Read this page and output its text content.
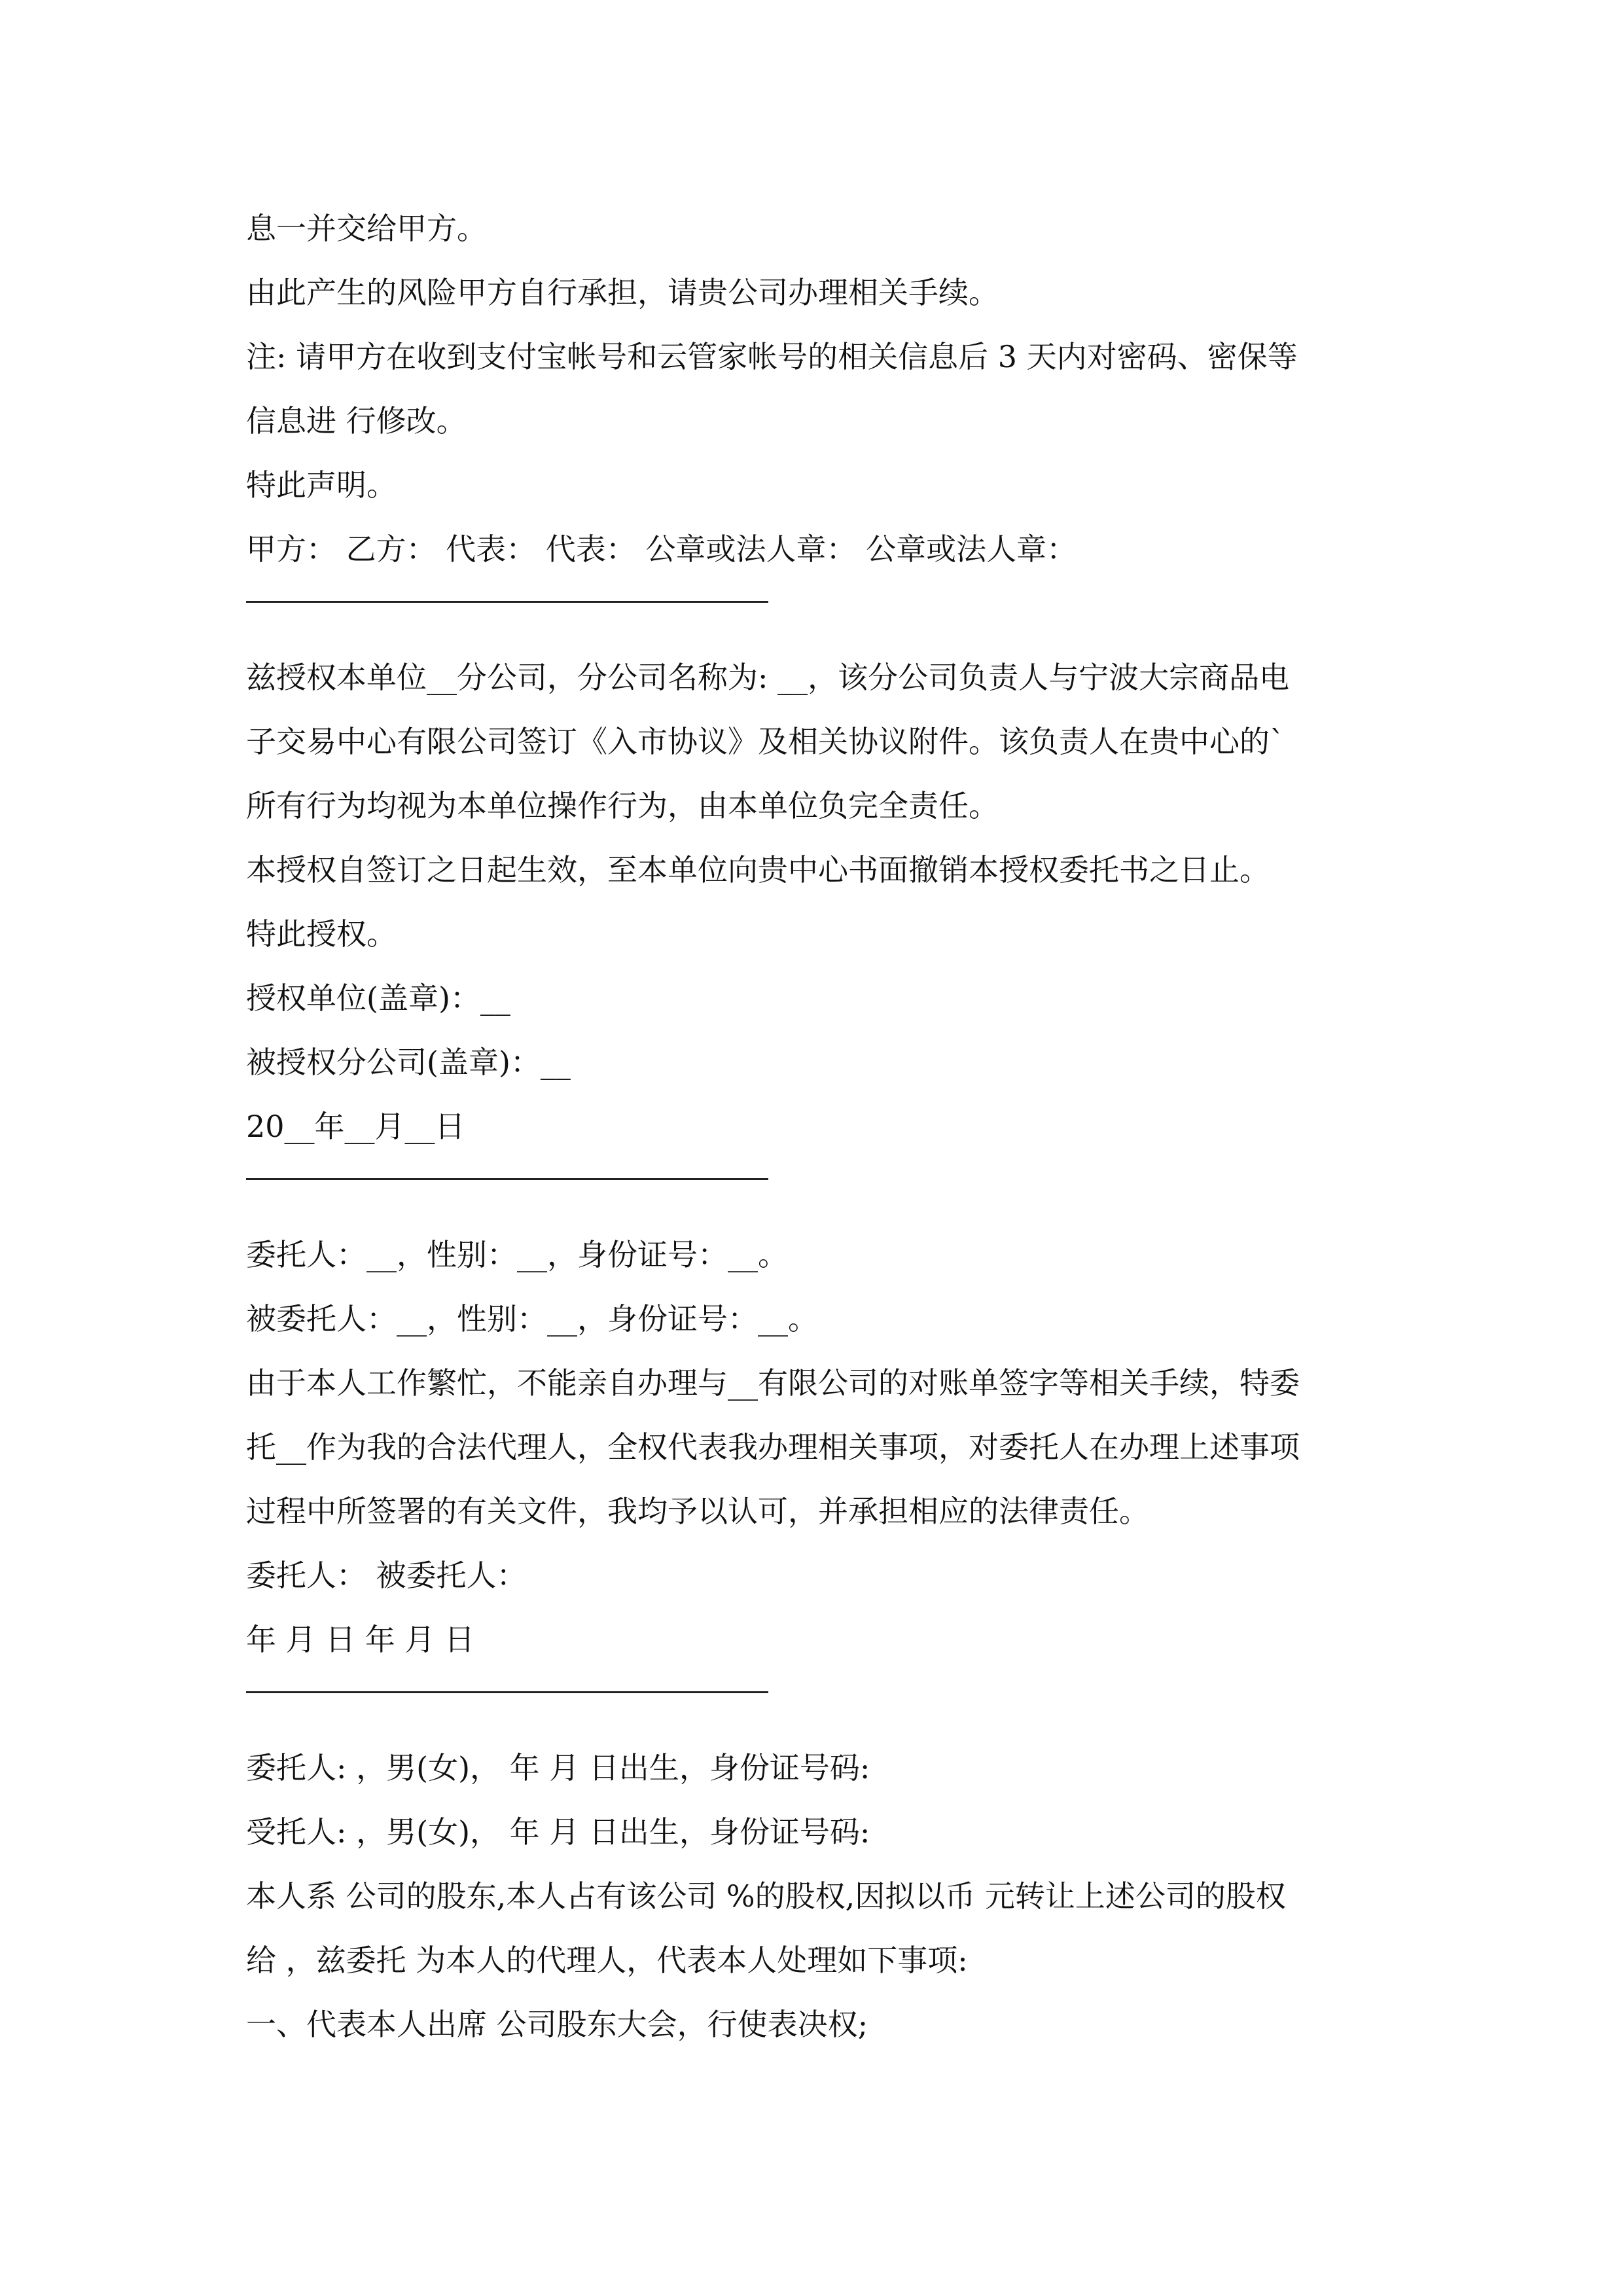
息一并交给甲方。
由此产生的风险甲方自行承担，请贵公司办理相关手续。
注: 请甲方在收到支付宝帐号和云管家帐号的相关信息后 3 天内对密码、密保等
信息进 行修改。
特此声明。
甲方： 乙方： 代表： 代表： 公章或法人章： 公章或法人章：
兹授权本单位__分公司，分公司名称为: __，该分公司负责人与宁波大宗商品电
子交易中心有限公司签订《入市协议》及相关协议附件。该负责人在贵中心的`
所有行为均视为本单位操作行为，由本单位负完全责任。
本授权自签订之日起生效，至本单位向贵中心书面撤销本授权委托书之日止。
特此授权。
授权单位(盖章)：__
被授权分公司(盖章)：__
20__年__月__日
委托人：__，性别：__，身份证号：__。
被委托人：__，性别：__，身份证号：__。
由于本人工作繁忙，不能亲自办理与__有限公司的对账单签字等相关手续，特委
托__作为我的合法代理人，全权代表我办理相关事项，对委托人在办理上述事项
过程中所签署的有关文件，我均予以认可，并承担相应的法律责任。
委托人： 被委托人：
年 月 日 年 月 日
委托人: ，男(女)， 年 月 日出生，身份证号码:
受托人: ，男(女)， 年 月 日出生，身份证号码:
本人系 公司的股东,本人占有该公司 %的股权,因拟以币 元转让上述公司的股权
给 ，兹委托 为本人的代理人，代表本人处理如下事项:
一、代表本人出席 公司股东大会，行使表决权;
